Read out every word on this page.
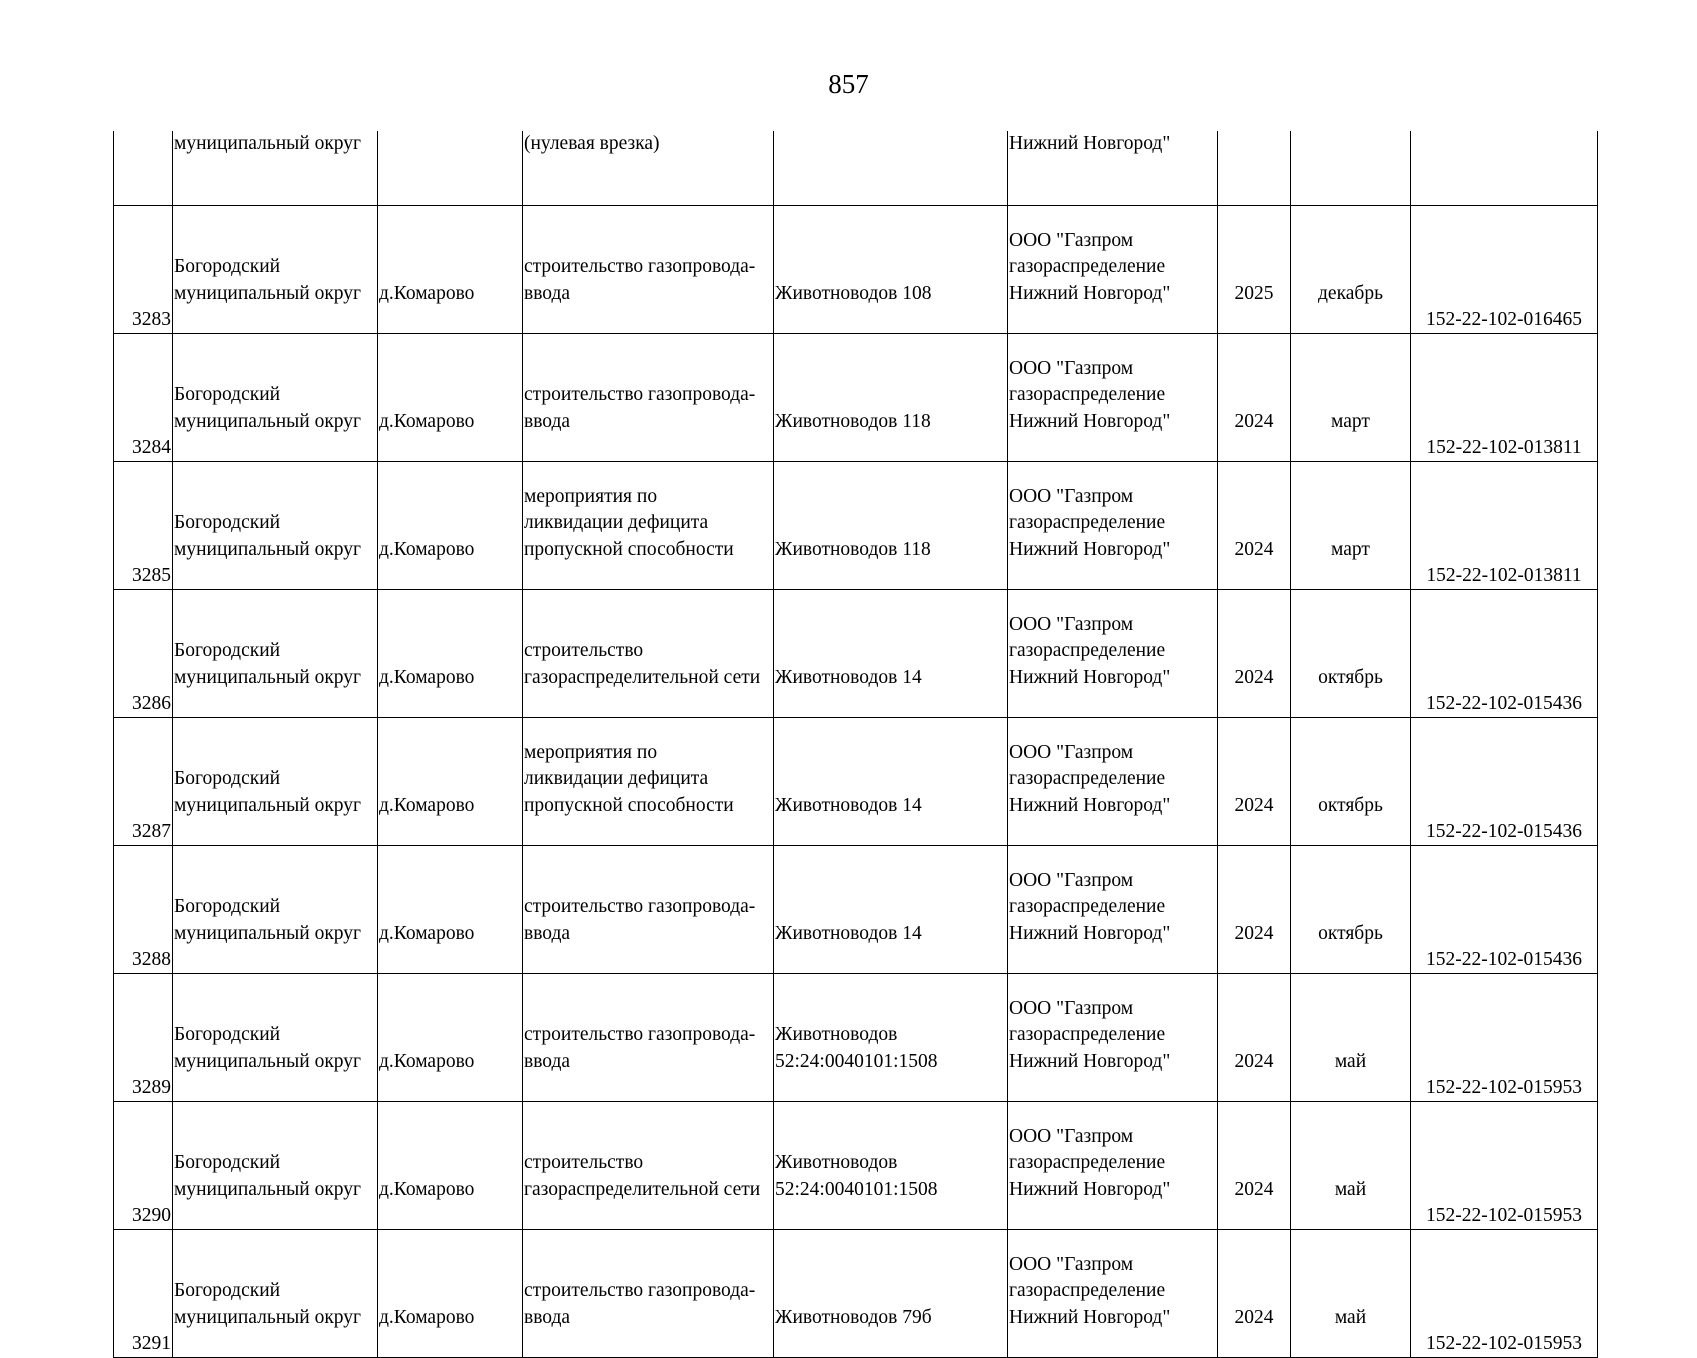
857
	муниципальный округ		(нулевая врезка)		Нижний Новгород"			
3283	Богородский
муниципальный округ	д.Комарово	строительство газопровода-
ввода	Животноводов 108	ООО "Газпром
газораспределение
Нижний Новгород"	2025	декабрь	152-22-102-016465
3284	Богородский
муниципальный округ	д.Комарово	строительство газопровода-
ввода	Животноводов 118	ООО "Газпром
газораспределение
Нижний Новгород"	2024	март	152-22-102-013811
3285	Богородский
муниципальный округ	д.Комарово	мероприятия по
ликвидации дефицита
пропускной способности	Животноводов 118	ООО "Газпром
газораспределение
Нижний Новгород"	2024	март	152-22-102-013811
3286	Богородский
муниципальный округ	д.Комарово	строительство
газораспределительной сети	Животноводов 14	ООО "Газпром
газораспределение
Нижний Новгород"	2024	октябрь	152-22-102-015436
3287	Богородский
муниципальный округ	д.Комарово	мероприятия по
ликвидации дефицита
пропускной способности	Животноводов 14	ООО "Газпром
газораспределение
Нижний Новгород"	2024	октябрь	152-22-102-015436
3288	Богородский
муниципальный округ	д.Комарово	строительство газопровода-
ввода	Животноводов 14	ООО "Газпром
газораспределение
Нижний Новгород"	2024	октябрь	152-22-102-015436
3289	Богородский
муниципальный округ	д.Комарово	строительство газопровода-
ввода	Животноводов
52:24:0040101:1508	ООО "Газпром
газораспределение
Нижний Новгород"	2024	май	152-22-102-015953
3290	Богородский
муниципальный округ	д.Комарово	строительство
газораспределительной сети	Животноводов
52:24:0040101:1508	ООО "Газпром
газораспределение
Нижний Новгород"	2024	май	152-22-102-015953
3291	Богородский
муниципальный округ	д.Комарово	строительство газопровода-
ввода	Животноводов 79б	ООО "Газпром
газораспределение
Нижний Новгород"	2024	май	152-22-102-015953
